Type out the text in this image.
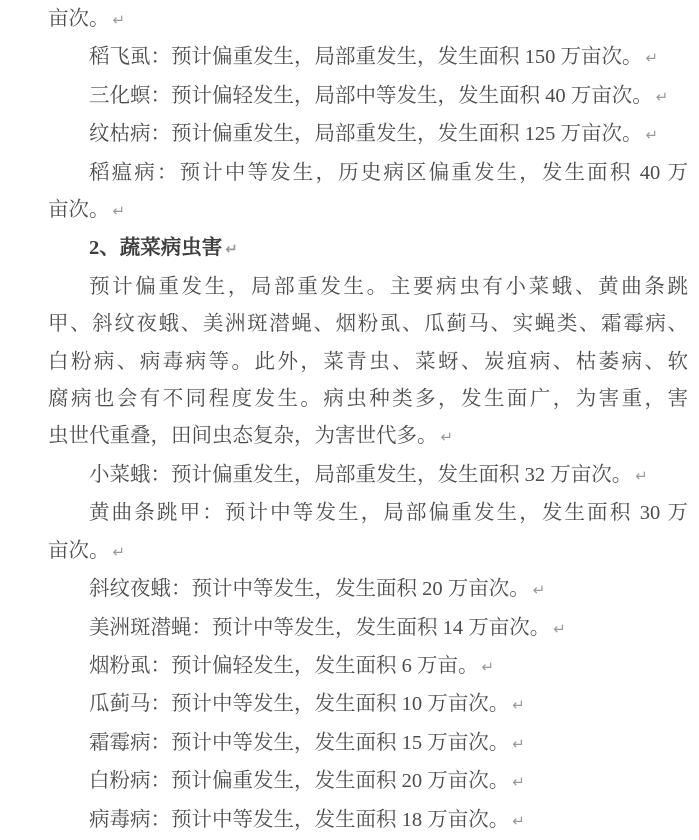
亩次。 ↵
稻飞虱：预计偏重发生，局部重发生，发生面积 150 万亩次。 ↵
三化螟：预计偏轻发生，局部中等发生，发生面积 40 万亩次。 ↵
纹枯病：预计偏重发生，局部重发生，发生面积 125 万亩次。 ↵
稻瘟病：预计中等发生，历史病区偏重发生，发生面积 40 万
亩次。 ↵
2、蔬菜病虫害 ↵
预计偏重发生，局部重发生。主要病虫有小菜蛾、黄曲条跳
甲、斜纹夜蛾、美洲斑潜蝇、烟粉虱、瓜蓟马、实蝇类、霜霉病、
白粉病、病毒病等。此外，菜青虫、菜蚜、炭疽病、枯萎病、软
腐病也会有不同程度发生。病虫种类多，发生面广，为害重，害
虫世代重叠，田间虫态复杂，为害世代多。 ↵
小菜蛾：预计偏重发生，局部重发生，发生面积 32 万亩次。 ↵
黄曲条跳甲：预计中等发生，局部偏重发生，发生面积 30 万
亩次。 ↵
斜纹夜蛾：预计中等发生，发生面积 20 万亩次。 ↵
美洲斑潜蝇：预计中等发生，发生面积 14 万亩次。 ↵
烟粉虱：预计偏轻发生，发生面积 6 万亩。 ↵
瓜蓟马：预计中等发生，发生面积 10 万亩次。 ↵
霜霉病：预计中等发生，发生面积 15 万亩次。 ↵
白粉病：预计偏重发生，发生面积 20 万亩次。 ↵
病毒病：预计中等发生，发生面积 18 万亩次。 ↵
